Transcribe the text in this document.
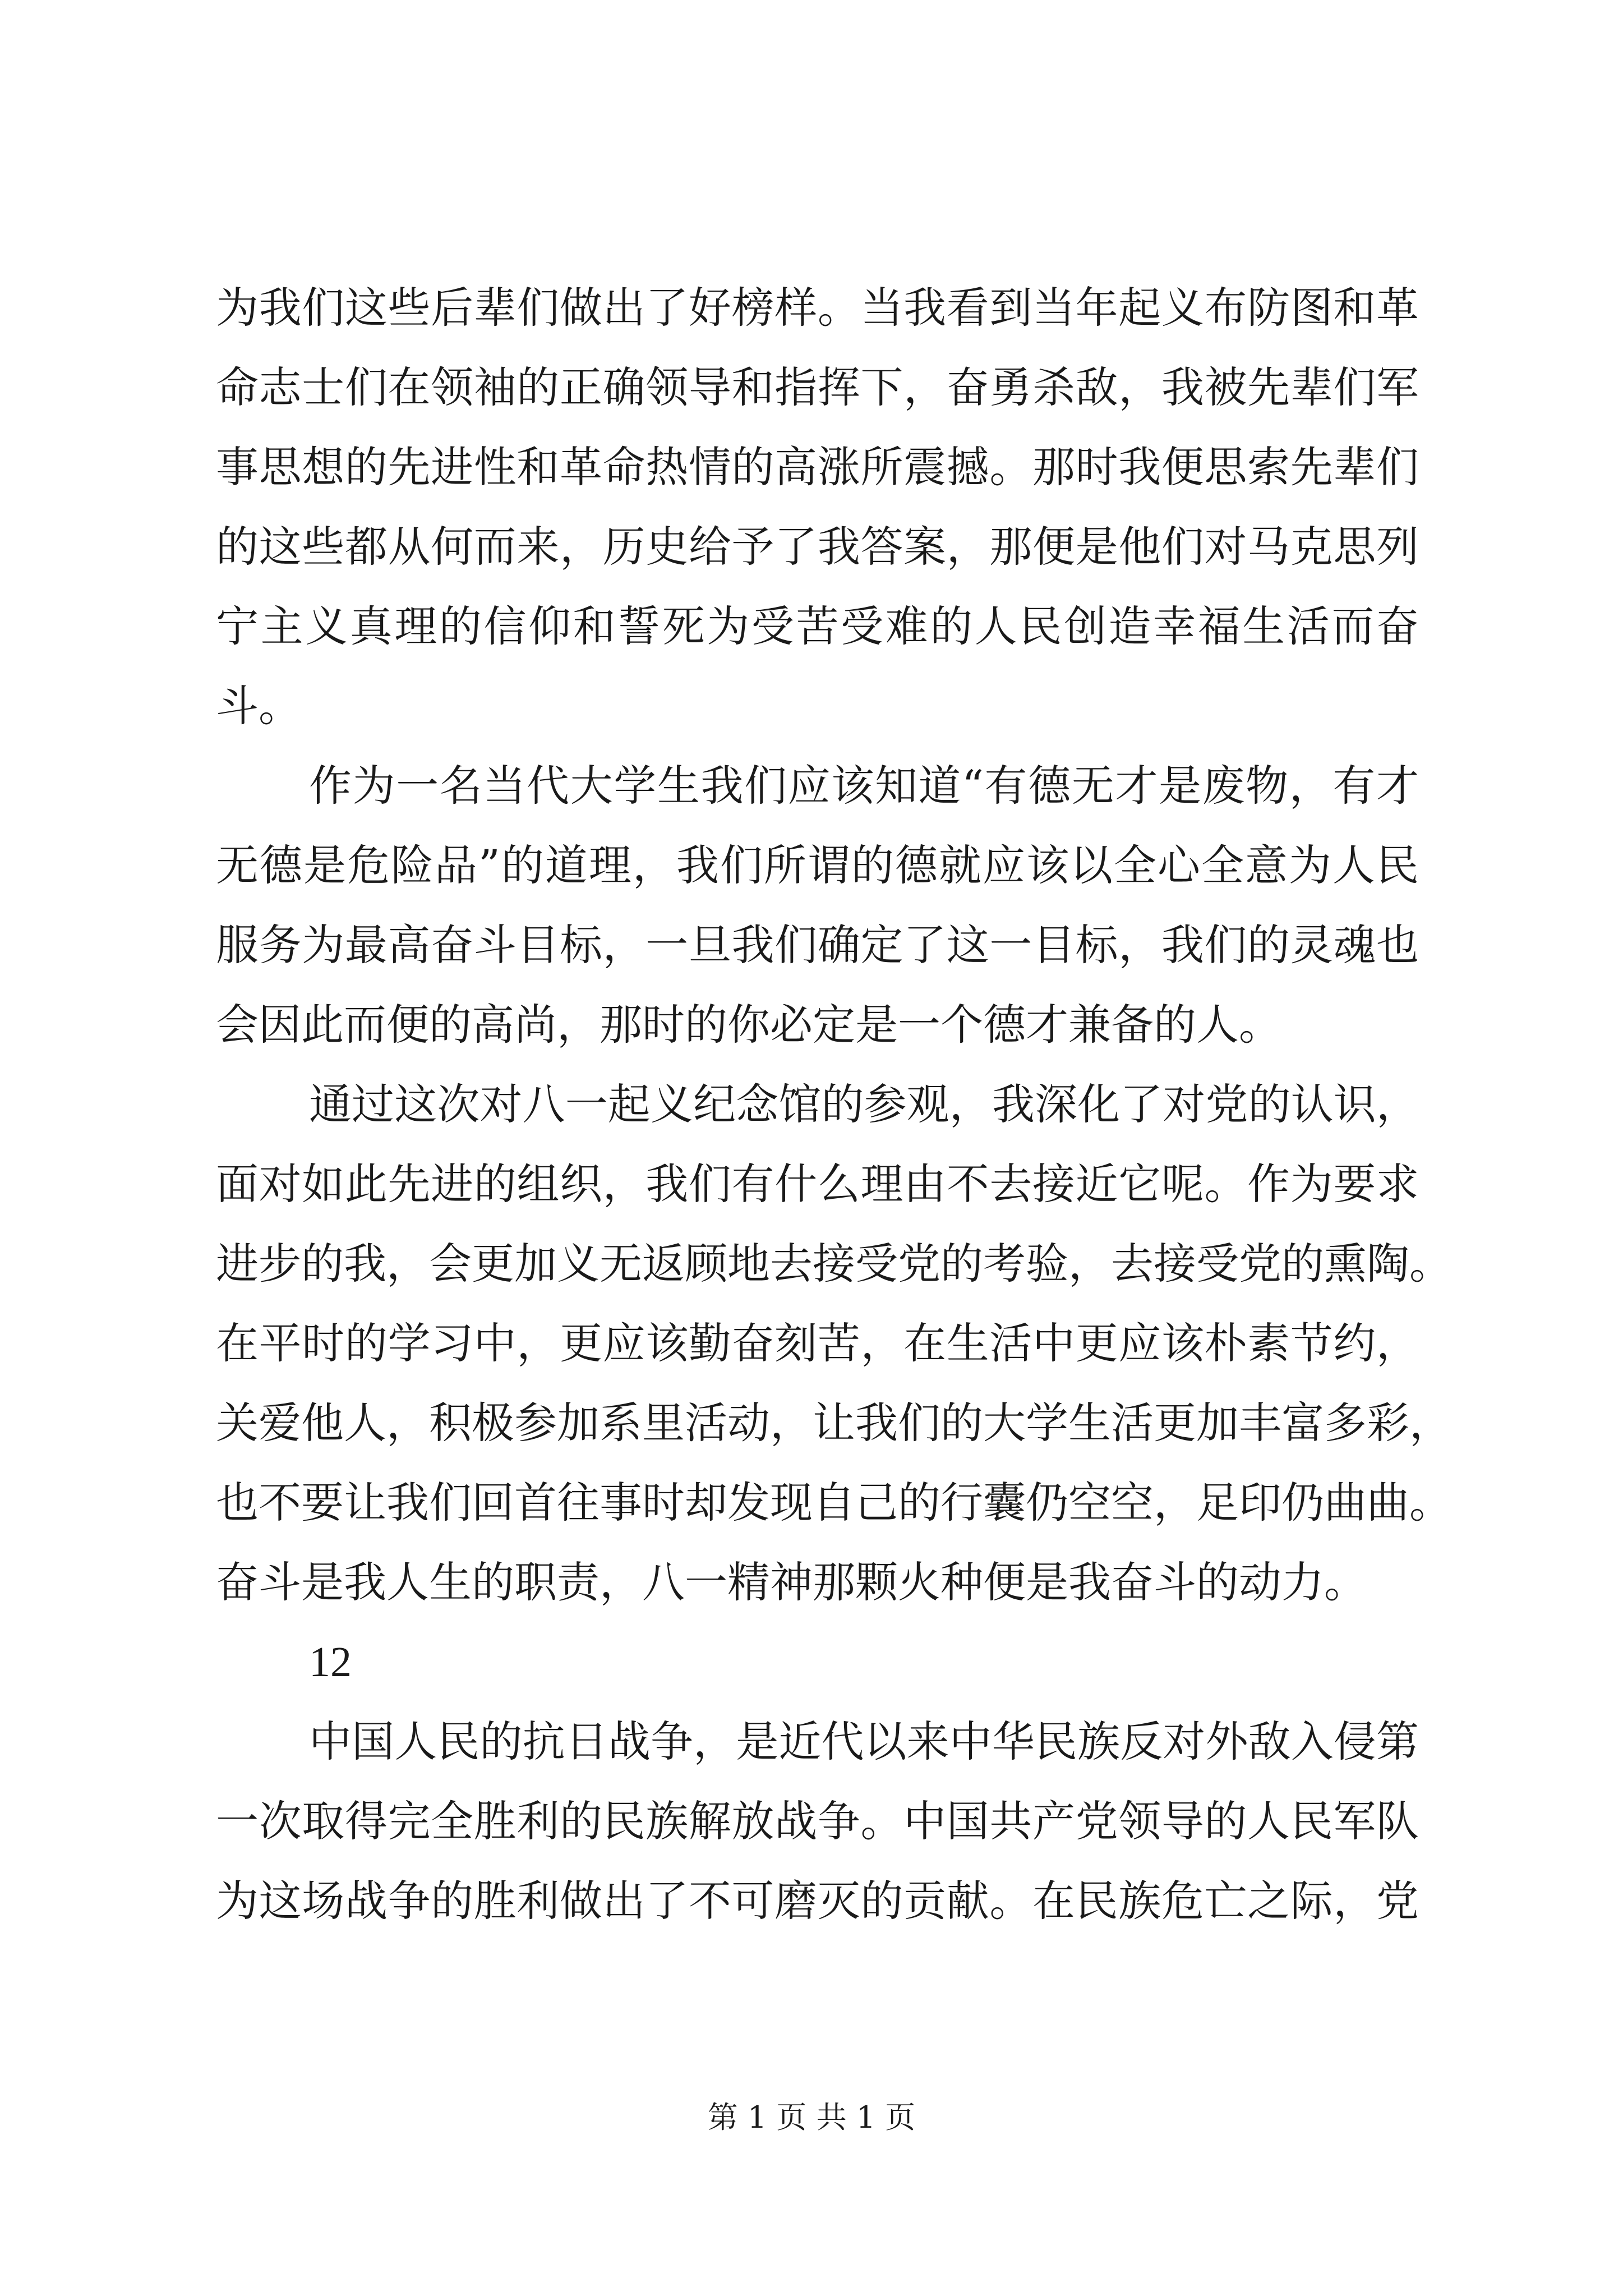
为我们这些后辈们做出了好榜样。当我看到当年起义布防图和革
命志士们在领袖的正确领导和指挥下，奋勇杀敌，我被先辈们军
事思想的先进性和革命热情的高涨所震撼。那时我便思索先辈们
的这些都从何而来，历史给予了我答案，那便是他们对马克思列
宁主义真理的信仰和誓死为受苦受难的人民创造幸福生活而奋
斗。
作为一名当代大学生我们应该知道“有德无才是废物，有才
无德是危险品”的道理，我们所谓的德就应该以全心全意为人民
服务为最高奋斗目标，一旦我们确定了这一目标，我们的灵魂也
会因此而便的高尚，那时的你必定是一个德才兼备的人。
通过这次对八一起义纪念馆的参观，我深化了对党的认识，
面对如此先进的组织，我们有什么理由不去接近它呢。作为要求
进步的我，会更加义无返顾地去接受党的考验，去接受党的熏陶。
在平时的学习中，更应该勤奋刻苦，在生活中更应该朴素节约，
关爱他人，积极参加系里活动，让我们的大学生活更加丰富多彩，
也不要让我们回首往事时却发现自己的行囊仍空空，足印仍曲曲。
奋斗是我人生的职责，八一精神那颗火种便是我奋斗的动力。
12
中国人民的抗日战争，是近代以来中华民族反对外敌入侵第
一次取得完全胜利的民族解放战争。中国共产党领导的人民军队
为这场战争的胜利做出了不可磨灭的贡献。在民族危亡之际，党
第 1 页 共 1 页
